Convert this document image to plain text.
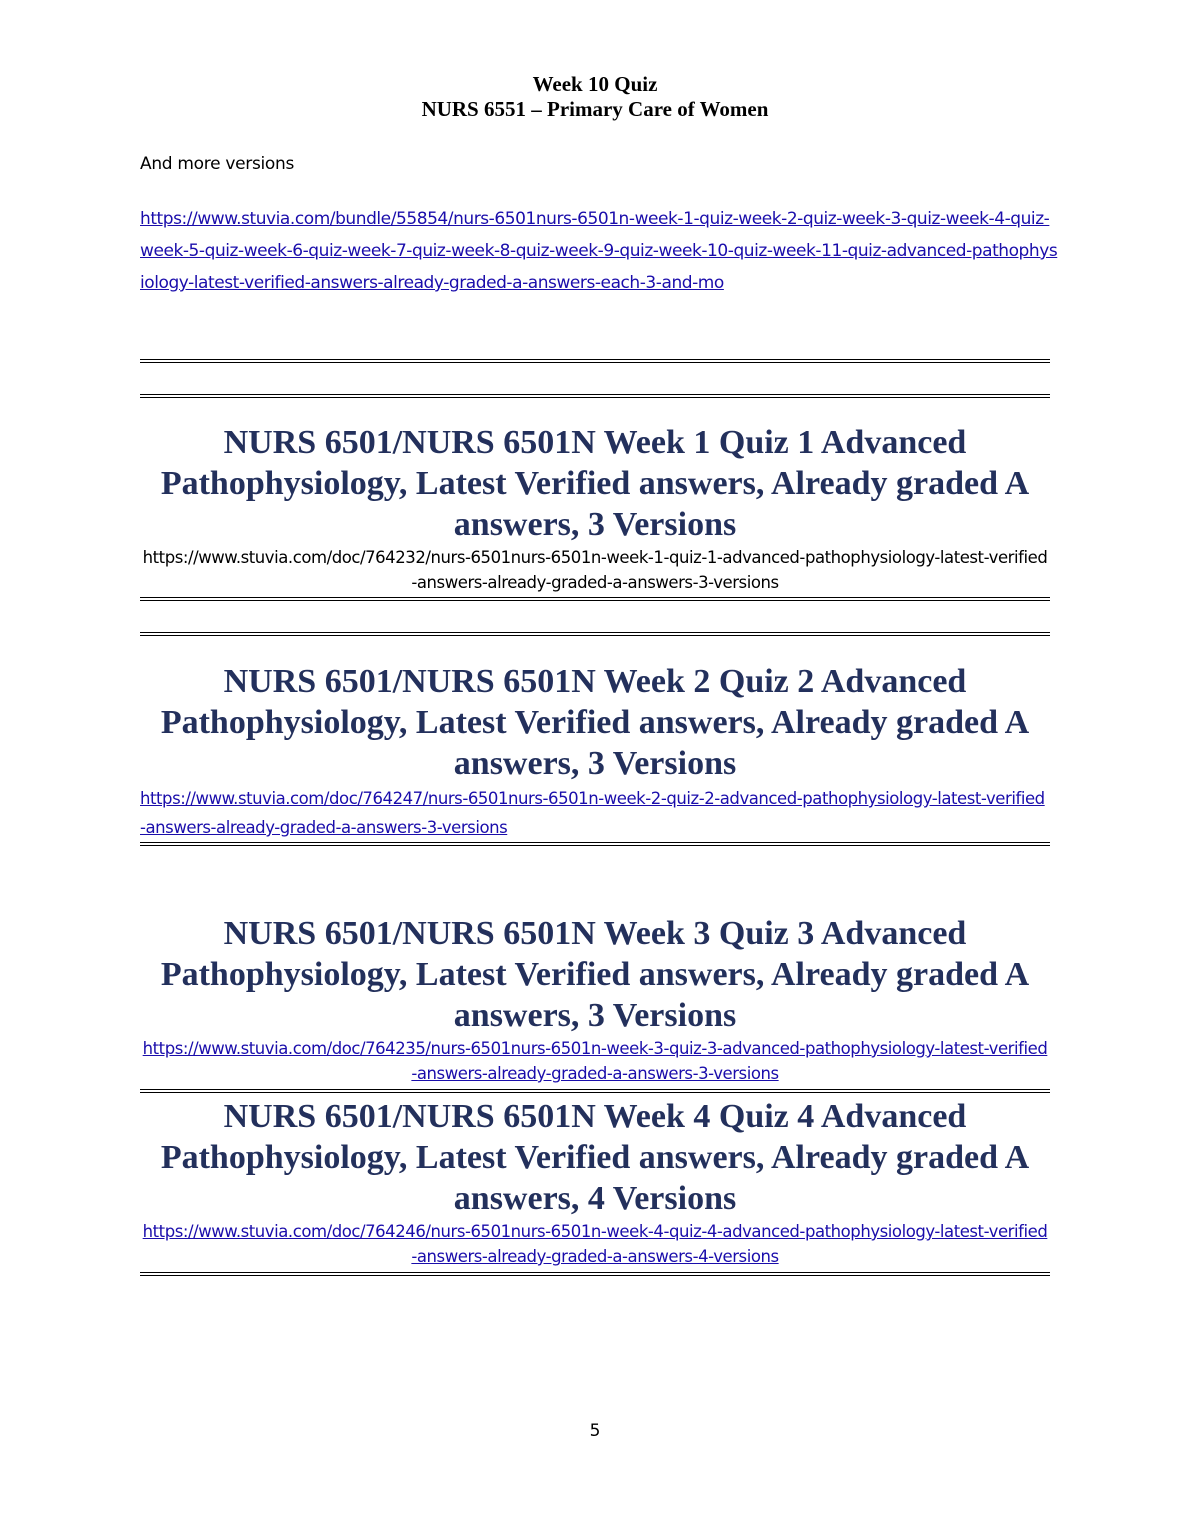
Week 10 Quiz
NURS 6551 – Primary Care of Women
And more versions
https://www.stuvia.com/bundle/55854/nurs-6501nurs-6501n-week-1-quiz-week-2-quiz-week-3-quiz-week-4-quiz-week-5-quiz-week-6-quiz-week-7-quiz-week-8-quiz-week-9-quiz-week-10-quiz-week-11-quiz-advanced-pathophysiology-latest-verified-answers-already-graded-a-answers-each-3-and-mo
NURS 6501/NURS 6501N Week 1 Quiz 1 Advanced Pathophysiology, Latest Verified answers, Already graded A answers, 3 Versions
https://www.stuvia.com/doc/764232/nurs-6501nurs-6501n-week-1-quiz-1-advanced-pathophysiology-latest-verified-answers-already-graded-a-answers-3-versions
NURS 6501/NURS 6501N Week 2 Quiz 2 Advanced Pathophysiology, Latest Verified answers, Already graded A answers, 3 Versions
https://www.stuvia.com/doc/764247/nurs-6501nurs-6501n-week-2-quiz-2-advanced-pathophysiology-latest-verified-answers-already-graded-a-answers-3-versions
NURS 6501/NURS 6501N Week 3 Quiz 3 Advanced Pathophysiology, Latest Verified answers, Already graded A answers, 3 Versions
https://www.stuvia.com/doc/764235/nurs-6501nurs-6501n-week-3-quiz-3-advanced-pathophysiology-latest-verified-answers-already-graded-a-answers-3-versions
NURS 6501/NURS 6501N Week 4 Quiz 4 Advanced Pathophysiology, Latest Verified answers, Already graded A answers, 4 Versions
https://www.stuvia.com/doc/764246/nurs-6501nurs-6501n-week-4-quiz-4-advanced-pathophysiology-latest-verified-answers-already-graded-a-answers-4-versions
5
